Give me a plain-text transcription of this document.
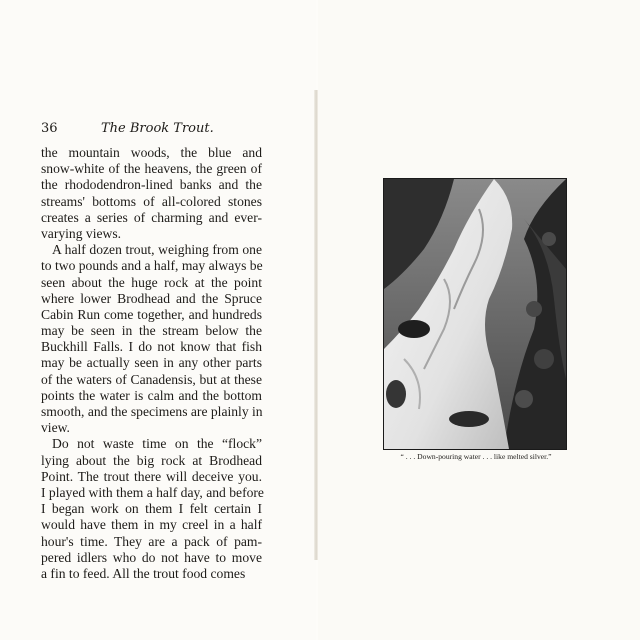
36	The Brook Trout.
the mountain woods, the blue and
snow-white of the heavens, the green of
the rhododendron-lined banks and the
streams' bottoms of all-colored stones
creates a series of charming and ever-
varying views.
A half dozen trout, weighing from one
to two pounds and a half, may always be
seen about the huge rock at the point
where lower Brodhead and the Spruce
Cabin Run come together, and hundreds
may be seen in the stream below the
Buckhill Falls. I do not know that fish
may be actually seen in any other parts
of the waters of Canadensis, but at these
points the water is calm and the bottom
smooth, and the specimens are plainly in
view.
Do not waste time on the “flock”
lying about the big rock at Brodhead
Point. The trout there will deceive you.
I played with them a half day, and before
I began work on them I felt certain I
would have them in my creel in a half
hour's time. They are a pack of pam-
pered idlers who do not have to move
a fin to feed. All the trout food comes
“ . . . Down-pouring water . . . like melted silver.”
